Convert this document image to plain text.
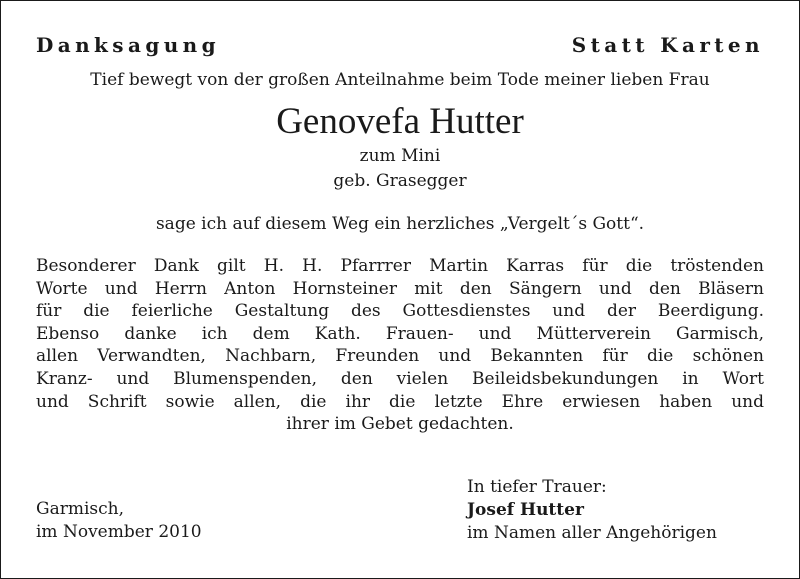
Danksagung	Statt Karten
Tief bewegt von der großen Anteilnahme beim Tode meiner lieben Frau
Genovefa Hutter
zum Mini
geb. Grasegger
sage ich auf diesem Weg ein herzliches „Vergelt´s Gott“.
Besonderer Dank gilt H. H. Pfarrrer Martin Karras für die tröstenden
Worte und Herrn Anton Hornsteiner mit den Sängern und den Bläsern
für die feierliche Gestaltung des Gottesdienstes und der Beerdigung.
Ebenso danke ich dem Kath. Frauen- und Mütterverein Garmisch,
allen Verwandten, Nachbarn, Freunden und Bekannten für die schönen
Kranz- und Blumenspenden, den vielen Beileidsbekundungen in Wort
und Schrift sowie allen, die ihr die letzte Ehre erwiesen haben und
ihrer im Gebet gedachten.
Garmisch,
im November 2010
In tiefer Trauer:
Josef Hutter
im Namen aller Angehörigen
